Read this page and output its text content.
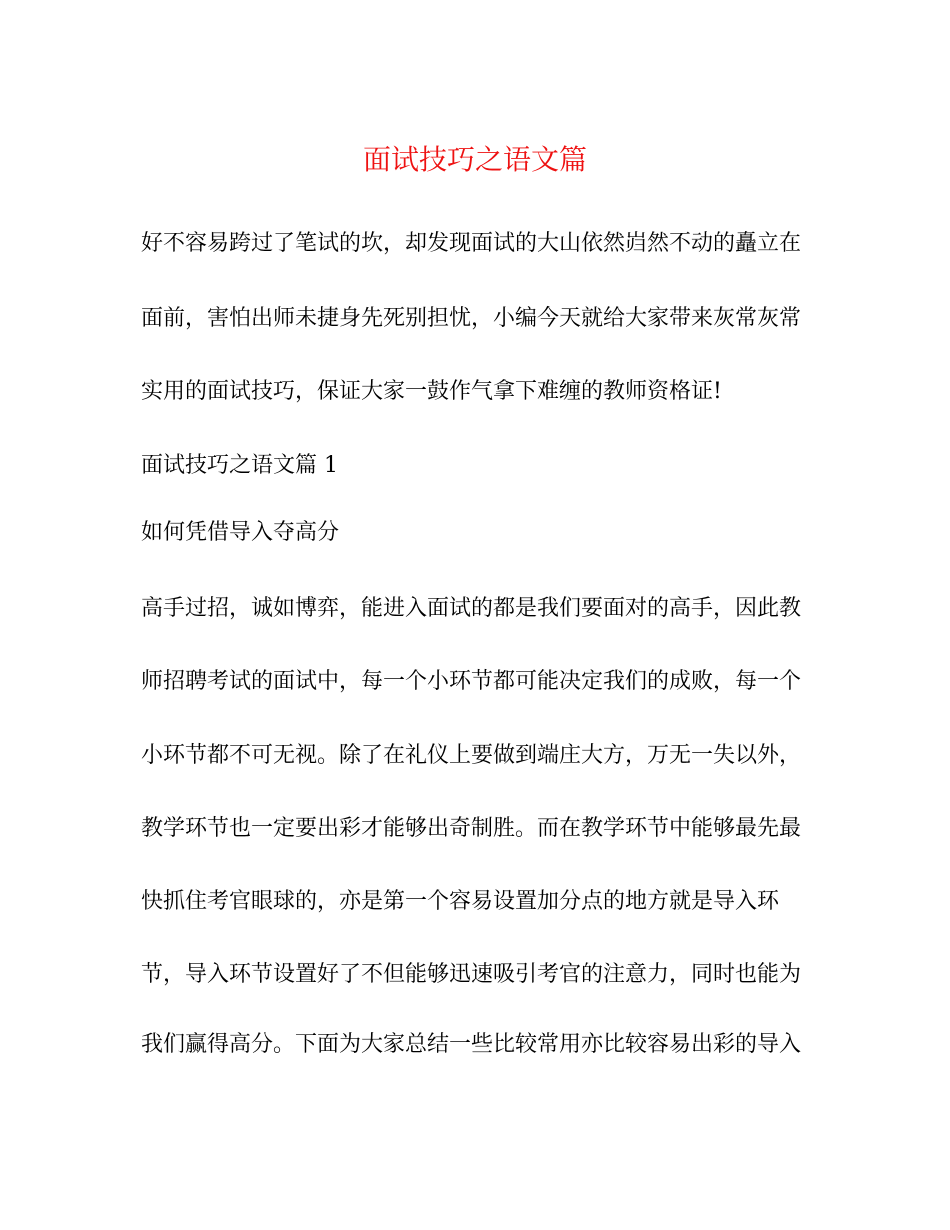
面试技巧之语文篇
好不容易跨过了笔试的坎，却发现面试的大山依然岿然不动的矗立在
面前，害怕出师未捷身先死别担忧，小编今天就给大家带来灰常灰常
实用的面试技巧，保证大家一鼓作气拿下难缠的教师资格证!
面试技巧之语文篇 1
如何凭借导入夺高分
高手过招，诚如博弈，能进入面试的都是我们要面对的高手，因此教
师招聘考试的面试中，每一个小环节都可能决定我们的成败，每一个
小环节都不可无视。除了在礼仪上要做到端庄大方，万无一失以外，
教学环节也一定要出彩才能够出奇制胜。而在教学环节中能够最先最
快抓住考官眼球的，亦是第一个容易设置加分点的地方就是导入环
节，导入环节设置好了不但能够迅速吸引考官的注意力，同时也能为
我们赢得高分。下面为大家总结一些比较常用亦比较容易出彩的导入
